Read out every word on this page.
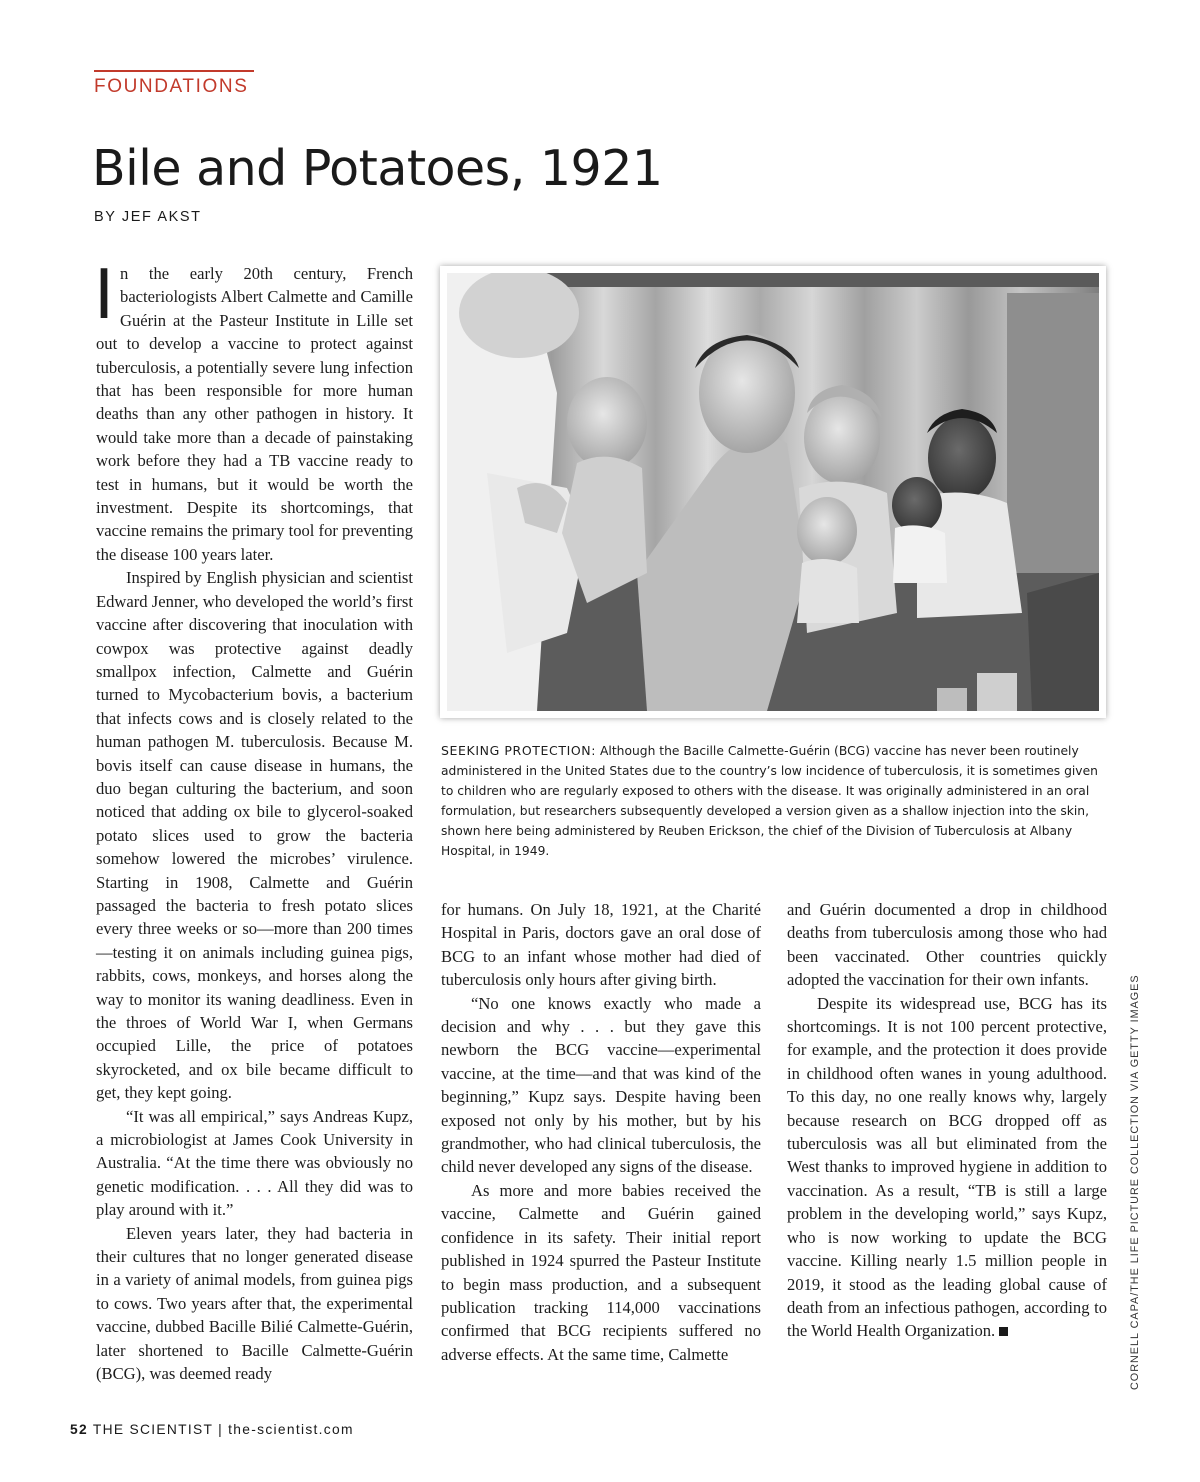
FOUNDATIONS
Bile and Potatoes, 1921
BY JEF AKST

In the early 20th century, French bacteriologists Albert Calmette and Camille Guérin at the Pasteur Institute in Lille set out to develop a vaccine to protect against tuberculosis, a potentially severe lung infection that has been responsible for more human deaths than any other pathogen in history. It would take more than a decade of painstaking work before they had a TB vaccine ready to test in humans, but it would be worth the investment. Despite its shortcomings, that vaccine remains the primary tool for preventing the disease 100 years later.

Inspired by English physician and scientist Edward Jenner, who developed the world’s first vaccine after discovering that inoculation with cowpox was protective against deadly smallpox infection, Calmette and Guérin turned to Mycobacterium bovis, a bacterium that infects cows and is closely related to the human pathogen M. tuberculosis. Because M. bovis itself can cause disease in humans, the duo began culturing the bacterium, and soon noticed that adding ox bile to glycerol-soaked potato slices used to grow the bacteria somehow lowered the microbes’ virulence. Starting in 1908, Calmette and Guérin passaged the bacteria to fresh potato slices every three weeks or so—more than 200 times—testing it on animals including guinea pigs, rabbits, cows, monkeys, and horses along the way to monitor its waning deadliness. Even in the throes of World War I, when Germans occupied Lille, the price of potatoes skyrocketed, and ox bile became difficult to get, they kept going.

“It was all empirical,” says Andreas Kupz, a microbiologist at James Cook University in Australia. “At the time there was obviously no genetic modification. . . . All they did was to play around with it.”

Eleven years later, they had bacteria in their cultures that no longer generated disease in a variety of animal models, from guinea pigs to cows. Two years after that, the experimental vaccine, dubbed Bacille Bilié Calmette-Guérin, later shortened to Bacille Calmette-Guérin (BCG), was deemed ready

SEEKING PROTECTION: Although the Bacille Calmette-Guérin (BCG) vaccine has never been routinely administered in the United States due to the country’s low incidence of tuberculosis, it is sometimes given to children who are regularly exposed to others with the disease. It was originally administered in an oral formulation, but researchers subsequently developed a version given as a shallow injection into the skin, shown here being administered by Reuben Erickson, the chief of the Division of Tuberculosis at Albany Hospital, in 1949.

for humans. On July 18, 1921, at the Charité Hospital in Paris, doctors gave an oral dose of BCG to an infant whose mother had died of tuberculosis only hours after giving birth.

“No one knows exactly who made a decision and why . . . but they gave this newborn the BCG vaccine—experimental vaccine, at the time—and that was kind of the beginning,” Kupz says. Despite having been exposed not only by his mother, but by his grandmother, who had clinical tuberculosis, the child never developed any signs of the disease.

As more and more babies received the vaccine, Calmette and Guérin gained confidence in its safety. Their initial report published in 1924 spurred the Pasteur Institute to begin mass production, and a subsequent publication tracking 114,000 vaccinations confirmed that BCG recipients suffered no adverse effects. At the same time, Calmette

and Guérin documented a drop in childhood deaths from tuberculosis among those who had been vaccinated. Other countries quickly adopted the vaccination for their own infants.

Despite its widespread use, BCG has its shortcomings. It is not 100 percent protective, for example, and the protection it does provide in childhood often wanes in young adulthood. To this day, no one really knows why, largely because research on BCG dropped off as tuberculosis was all but eliminated from the West thanks to improved hygiene in addition to vaccination. As a result, “TB is still a large problem in the developing world,” says Kupz, who is now working to update the BCG vaccine. Killing nearly 1.5 million people in 2019, it stood as the leading global cause of death from an infectious pathogen, according to the World Health Organization.	CORNELL CAPA/THE LIFE PICTURE COLLECTION VIA GETTY IMAGES
52 THE SCIENTIST | the-scientist.com
